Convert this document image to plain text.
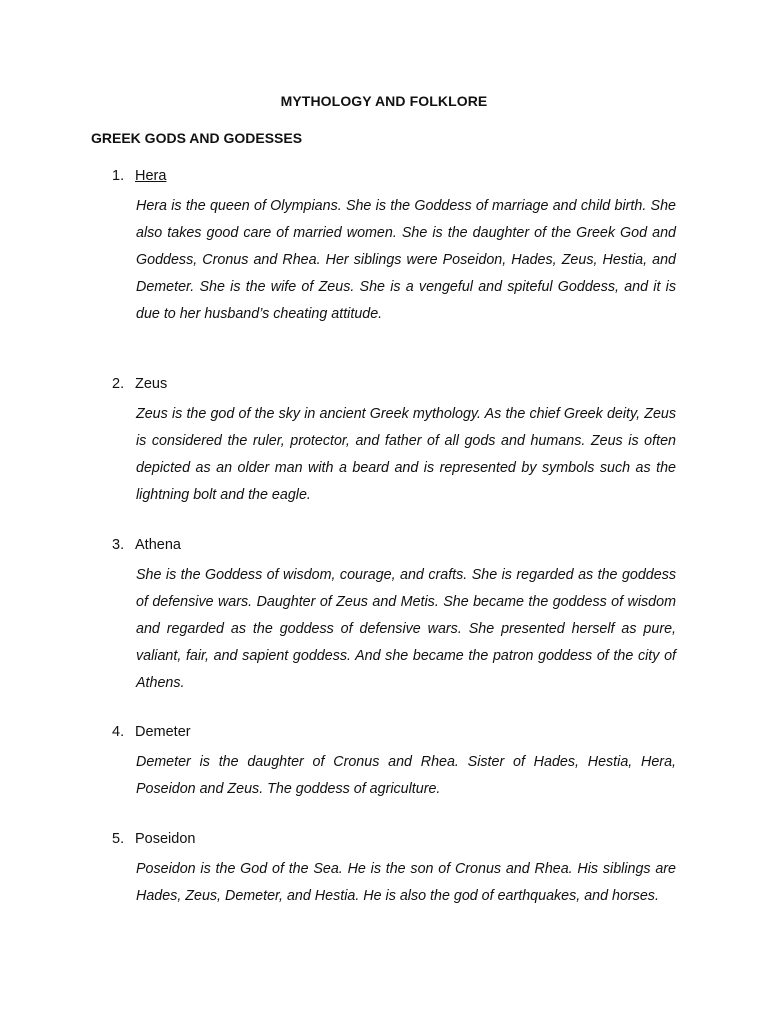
MYTHOLOGY AND FOLKLORE
GREEK GODS AND GODESSES
1. Hera

Hera is the queen of Olympians. She is the Goddess of marriage and child birth. She also takes good care of married women. She is the daughter of the Greek God and Goddess, Cronus and Rhea. Her siblings were Poseidon, Hades, Zeus, Hestia, and Demeter. She is the wife of Zeus. She is a vengeful and spiteful Goddess, and it is due to her husband’s cheating attitude.

2. Zeus

Zeus is the god of the sky in ancient Greek mythology. As the chief Greek deity, Zeus is considered the ruler, protector, and father of all gods and humans. Zeus is often depicted as an older man with a beard and is represented by symbols such as the lightning bolt and the eagle.

3. Athena

She is the Goddess of wisdom, courage, and crafts. She is regarded as the goddess of defensive wars. Daughter of Zeus and Metis. She became the goddess of wisdom and regarded as the goddess of defensive wars. She presented herself as pure, valiant, fair, and sapient goddess. And she became the patron goddess of the city of Athens.

4. Demeter

Demeter is the daughter of Cronus and Rhea. Sister of Hades, Hestia, Hera, Poseidon and Zeus. The goddess of agriculture.

5. Poseidon

Poseidon is the God of the Sea. He is the son of Cronus and Rhea. His siblings are Hades, Zeus, Demeter, and Hestia. He is also the god of earthquakes, and horses.
